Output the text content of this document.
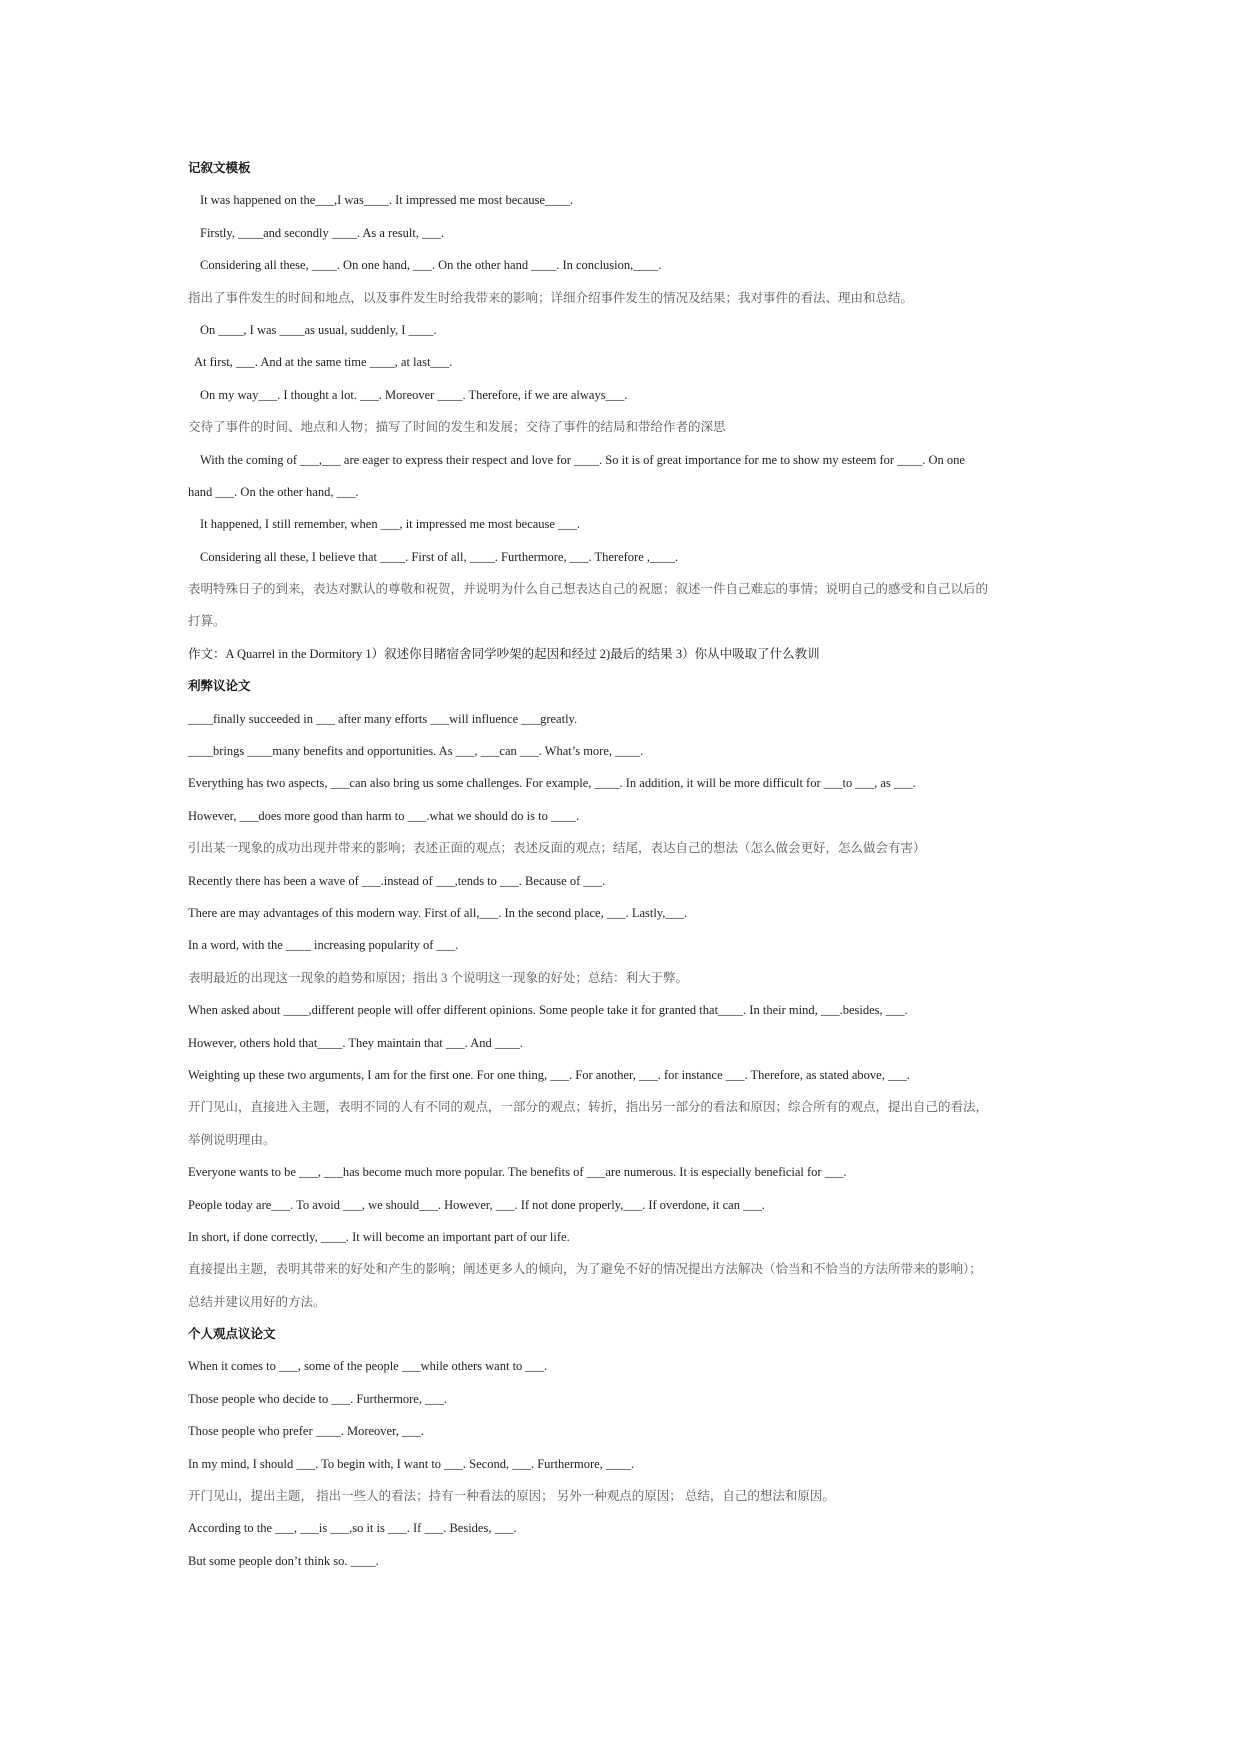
记叙文模板
It was happened on the___,I was____. It impressed me most because____.
Firstly, ____and secondly ____. As a result, ___.
Considering all these, ____. On one hand, ___. On the other hand ____. In conclusion,____.
指出了事件发生的时间和地点，以及事件发生时给我带来的影响；详细介绍事件发生的情况及结果；我对事件的看法、理由和总结。
On ____, I was ____as usual, suddenly, I ____.
At first, ___. And at the same time ____, at last___.
On my way___. I thought a lot. ___. Moreover ____. Therefore, if we are always___.
交待了事件的时间、地点和人物；描写了时间的发生和发展；交待了事件的结局和带给作者的深思
With the coming of ___,___ are eager to express their respect and love for ____. So it is of great importance for me to show my esteem for ____. On one
hand ___. On the other hand, ___.
It happened, I still remember, when ___, it impressed me most because ___.
Considering all these, I believe that ____. First of all, ____. Furthermore, ___. Therefore ,____.
表明特殊日子的到来，表达对默认的尊敬和祝贺，并说明为什么自己想表达自己的祝愿；叙述一件自己难忘的事情；说明自己的感受和自己以后的
打算。
作文：A Quarrel in the Dormitory 1）叙述你目睹宿舍同学吵架的起因和经过 2)最后的结果 3）你从中吸取了什么教训
利弊议论文
____finally succeeded in ___ after many efforts ___will influence ___greatly.
____brings ____many benefits and opportunities. As ___, ___can ___. What’s more, ____.
Everything has two aspects, ___can also bring us some challenges. For example, ____. In addition, it will be more difficult for ___to ___, as ___.
However, ___does more good than harm to ___.what we should do is to ____.
引出某一现象的成功出现并带来的影响；表述正面的观点；表述反面的观点；结尾，表达自己的想法（怎么做会更好，怎么做会有害）
Recently there has been a wave of ___.instead of ___,tends to ___. Because of ___.
There are may advantages of this modern way. First of all,___. In the second place, ___. Lastly,___.
In a word, with the ____ increasing popularity of ___.
表明最近的出现这一现象的趋势和原因；指出 3 个说明这一现象的好处；总结：利大于弊。
When asked about ____,different people will offer different opinions. Some people take it for granted that____. In their mind, ___.besides, ___.
However, others hold that____. They maintain that ___. And ____.
Weighting up these two arguments, I am for the first one. For one thing, ___. For another, ___. for instance ___. Therefore, as stated above, ___.
开门见山，直接进入主题，表明不同的人有不同的观点，一部分的观点；转折，指出另一部分的看法和原因；综合所有的观点，提出自己的看法，
举例说明理由。
Everyone wants to be ___, ___has become much more popular. The benefits of ___are numerous. It is especially beneficial for ___.
People today are___. To avoid ___, we should___. However, ___. If not done properly,___. If overdone, it can ___.
In short, if done correctly, ____. It will become an important part of our life.
直接提出主题，表明其带来的好处和产生的影响；阐述更多人的倾向，为了避免不好的情况提出方法解决（恰当和不恰当的方法所带来的影响）；
总结并建议用好的方法。
个人观点议论文
When it comes to ___, some of the people ___while others want to ___.
Those people who decide to ___. Furthermore, ___.
Those people who prefer ____. Moreover, ___.
In my mind, I should ___. To begin with, I want to ___. Second, ___. Furthermore, ____.
开门见山，提出主题， 指出一些人的看法；持有一种看法的原因； 另外一种观点的原因； 总结，自己的想法和原因。
According to the ___, ___is ___,so it is ___. If ___. Besides, ___.
But some people don’t think so. ____.
